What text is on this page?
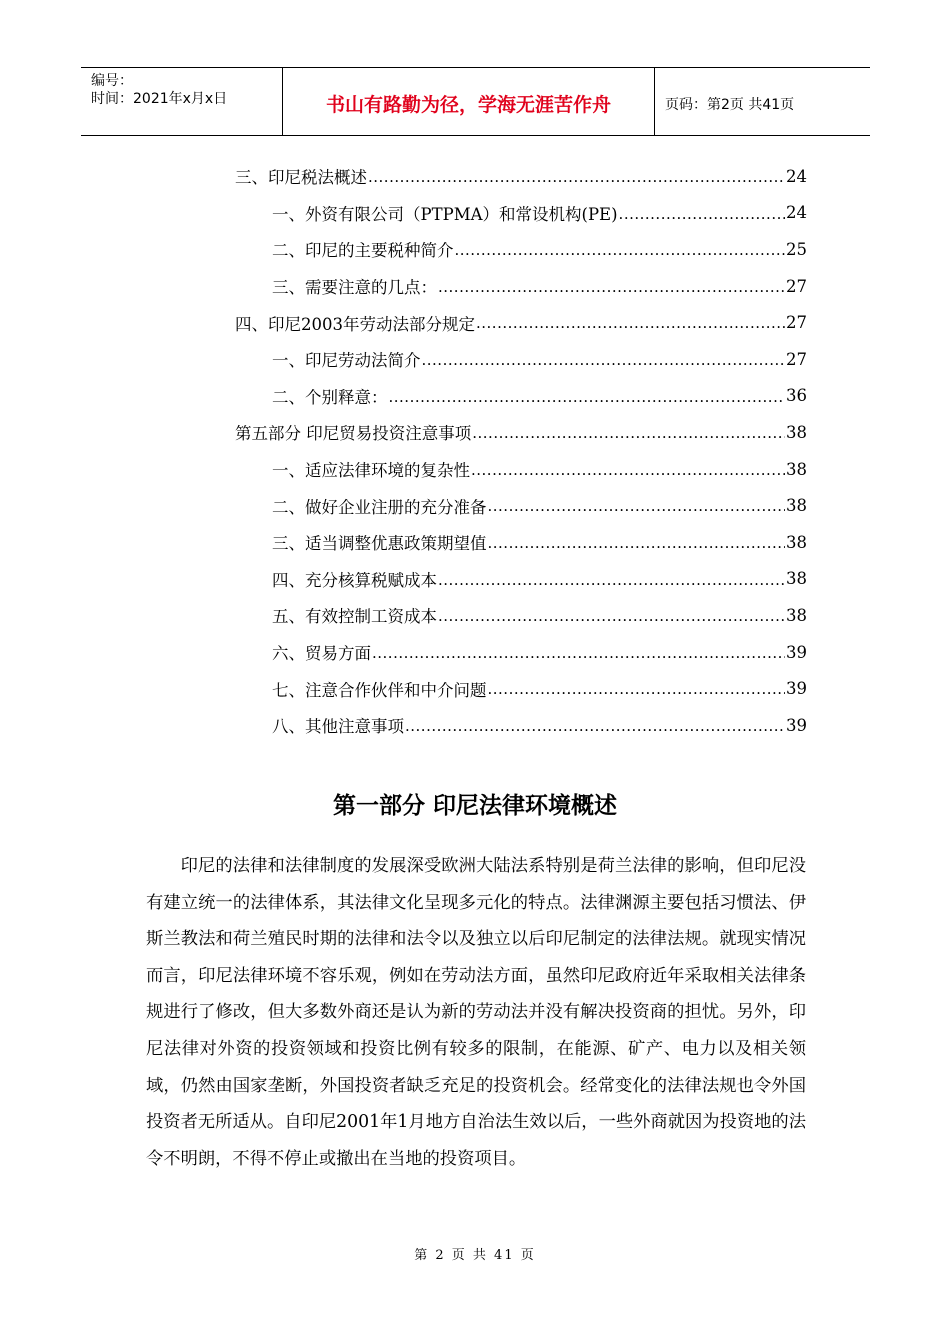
编号：
时间：2021年x月x日	书山有路勤为径，学海无涯苦作舟	页码：第2页 共41页
三、印尼税法概述 .....	24
一、外资有限公司（PTPMA）和常设机构(PE) .....	24
二、印尼的主要税种简介 .....	25
三、需要注意的几点： .....	27
四、印尼2003年劳动法部分规定 .....	27
一、印尼劳动法简介 .....	27
二、个别释意： .....	36
第五部分 印尼贸易投资注意事项 .....	38
一、适应法律环境的复杂性 .....	38
二、做好企业注册的充分准备 .....	38
三、适当调整优惠政策期望值 .....	38
四、充分核算税赋成本 .....	38
五、有效控制工资成本 .....	38
六、贸易方面 .....	39
七、注意合作伙伴和中介问题 .....	39
八、其他注意事项 .....	39
第一部分 印尼法律环境概述

印尼的法律和法律制度的发展深受欧洲大陆法系特别是荷兰法律的影响，但印尼没有建立统一的法律体系，其法律文化呈现多元化的特点。法律渊源主要包括习惯法、伊斯兰教法和荷兰殖民时期的法律和法令以及独立以后印尼制定的法律法规。就现实情况而言，印尼法律环境不容乐观，例如在劳动法方面，虽然印尼政府近年采取相关法律条规进行了修改，但大多数外商还是认为新的劳动法并没有解决投资商的担忧。另外，印尼法律对外资的投资领域和投资比例有较多的限制，在能源、矿产、电力以及相关领域，仍然由国家垄断，外国投资者缺乏充足的投资机会。经常变化的法律法规也令外国投资者无所适从。自印尼2001年1月地方自治法生效以后，一些外商就因为投资地的法令不明朗，不得不停止或撤出在当地的投资项目。

第 2 页 共 41 页
